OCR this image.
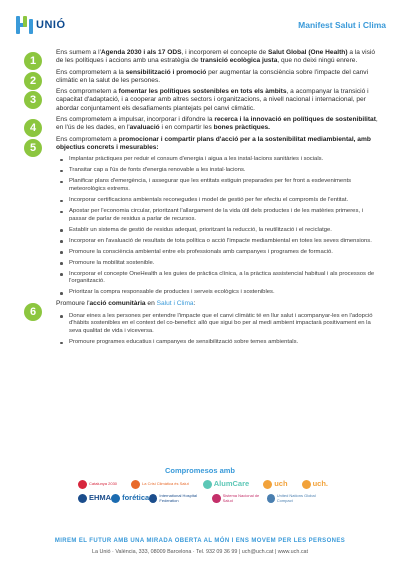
UNIÓ	Manifest Salut i Clima
1

Ens sumem a l'Agenda 2030 i als 17 ODS, i incorporem el concepte de Salut Global (One Health) a la visió de les polítiques i accions amb una estratègia de transició ecològica justa, que no deixi ningú enrere.

2

Ens comprometem a la sensibilització i promoció per augmentar la consciència sobre l'impacte del canvi climàtic en la salut de les persones.

3

Ens comprometem a fomentar les polítiques sostenibles en tots els àmbits, a acompanyar la transició i capacitat d'adaptació, i a cooperar amb altres sectors i organitzacions, a nivell nacional i internacional, per abordar conjuntament els desafiaments plantejats pel canvi climàtic.

4

Ens comprometem a impulsar, incorporar i difondre la recerca i la innovació en polítiques de sostenibilitat, en l'ús de les dades, en l'avaluació i en compartir les bones pràctiques.

5

Ens comprometem a promocionar i compartir plans d'acció per a la sostenibilitat mediambiental, amb objectius concrets i mesurables:

Implantar pràctiques per reduir el consum d'energia i aigua a les instal·lacions sanitàries i socials.
Transitar cap a l'ús de fonts d'energia renovable a les instal·lacions.
Planificar plans d'emergència, i assegurar que les entitats estiguin preparades per fer front a esdeveniments meteorològics extrems.
Incorporar certificacions ambientals reconegudes i model de gestió per fer efectiu el compromís de l'entitat.
Apostar per l'economia circular, prioritzant l'allargament de la vida útil dels productes i de les matèries primeres, i passar de parlar de residus a parlar de recursos.
Establir un sistema de gestió de residus adequat, prioritzant la reducció, la reutilització i el reciclatge.
Incorporar en l'avaluació de resultats de tota política o acció l'impacte mediambiental en totes les seves dimensions.
Promoure la consciència ambiental entre els professionals amb campanyes i programes de formació.
Promoure la mobilitat sostenible.
Incorporar el concepte OneHealth a les guies de pràctica clínica, a la pràctica assistencial habitual i als processos de l'organització.
Prioritzar la compra responsable de productes i serveis ecològics i sostenibles.
6

Promoure l'acció comunitària en Salut i Clima:

Donar eines a les persones per entendre l'impacte que el canvi climàtic té en llur salut i acompanyar-les en l'adopció d'hàbits sostenibles en el context del co-benefici: allò que sigui bo per al medi ambient impactarà positivament en la seva qualitat de vida i viceversa.
Promoure programes educatius i campanyes de sensibilització sobre temes ambientals.
Compromesos amb
Catalunya 2030	La Crisi Climàtica és Salut	AlumCare	uch	uch.
EHMA forética	International Hospital Federation
Sistema Nacional de Salud
United Nations Global Compact
MIREM EL FUTUR AMB UNA MIRADA OBERTA AL MÓN I ENS MOVEM PER LES PERSONES
La Unió · València, 333, 08009 Barcelona · Tel. 932 09 36 99 | uch@uch.cat | www.uch.cat
